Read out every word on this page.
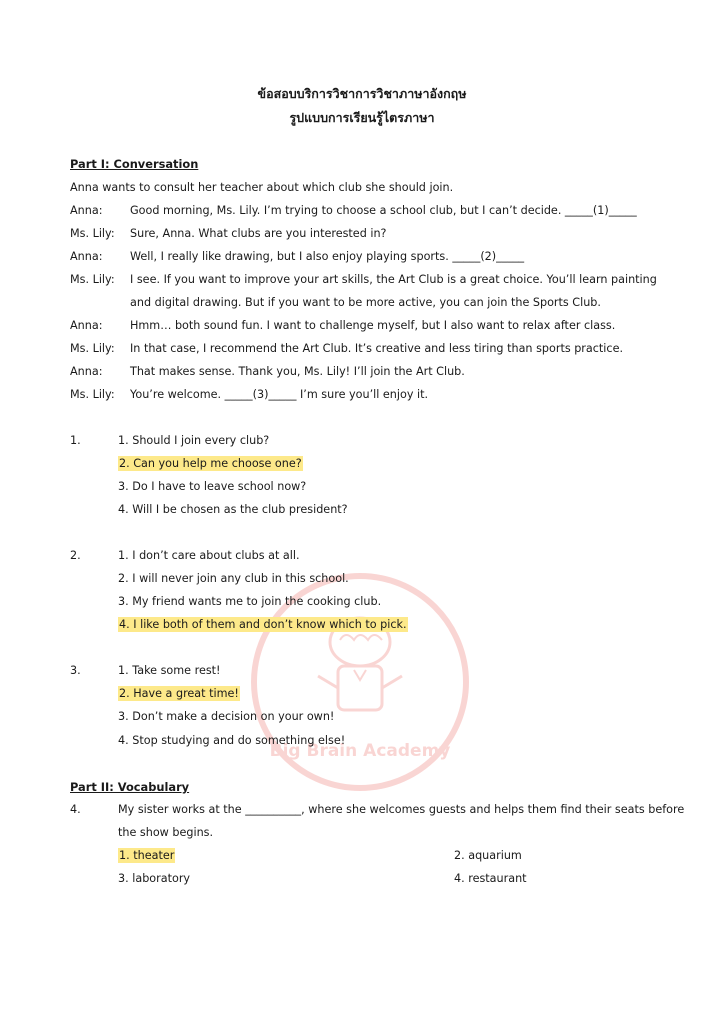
ข้อสอบบริการวิชาการวิชาภาษาอังกฤษ
รูปแบบการเรียนรู้ไตรภาษา
Big Brain Academy
Part I: Conversation
Anna wants to consult her teacher about which club she should join.
Anna: Good morning, Ms. Lily. I’m trying to choose a school club, but I can’t decide. _____(1)_____
Ms. Lily: Sure, Anna. What clubs are you interested in?
Anna: Well, I really like drawing, but I also enjoy playing sports. _____(2)_____
Ms. Lily: I see. If you want to improve your art skills, the Art Club is a great choice. You’ll learn painting
and digital drawing. But if you want to be more active, you can join the Sports Club.
Anna: Hmm… both sound fun. I want to challenge myself, but I also want to relax after class.
Ms. Lily: In that case, I recommend the Art Club. It’s creative and less tiring than sports practice.
Anna: That makes sense. Thank you, Ms. Lily! I’ll join the Art Club.
Ms. Lily: You’re welcome. _____(3)_____ I’m sure you’ll enjoy it.
1.	1. Should I join every club?
2. Can you help me choose one?
3. Do I have to leave school now?
4. Will I be chosen as the club president?
2.	1. I don’t care about clubs at all.
2. I will never join any club in this school.
3. My friend wants me to join the cooking club.
4. I like both of them and don’t know which to pick.
3.	1. Take some rest!
2. Have a great time!
3. Don’t make a decision on your own!
4. Stop studying and do something else!
Part II: Vocabulary
4.	My sister works at the __________, where she welcomes guests and helps them find their seats before
the show begins.
1. theater	2. aquarium
3. laboratory	4. restaurant
